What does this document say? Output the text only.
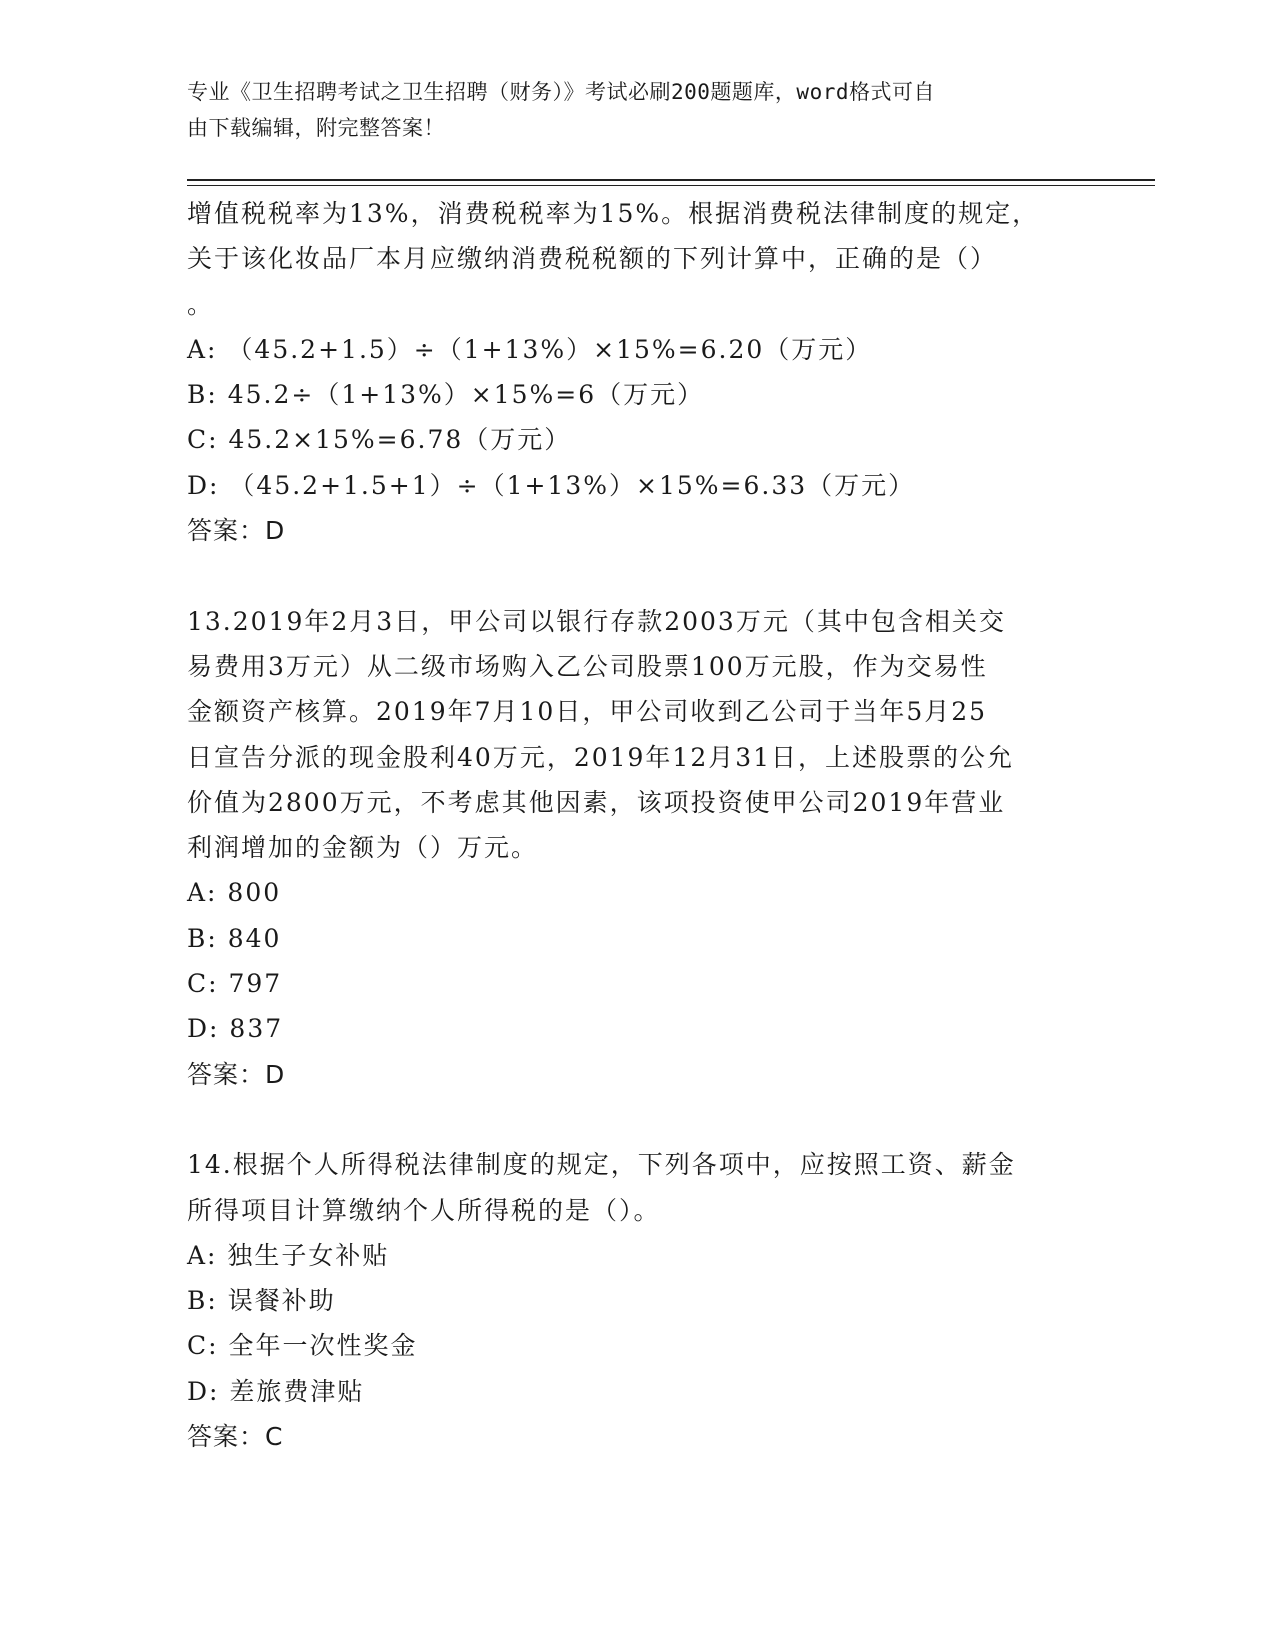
专业《卫生招聘考试之卫生招聘（财务）》考试必刷200题题库，word格式可自
由下载编辑，附完整答案！
增值税税率为13%，消费税税率为15%。根据消费税法律制度的规定，
关于该化妆品厂本月应缴纳消费税税额的下列计算中，正确的是（）
。
A: （45.2+1.5）÷（1+13%）×15%=6.20（万元）
B: 45.2÷（1+13%）×15%=6（万元）
C: 45.2×15%=6.78（万元）
D: （45.2+1.5+1）÷（1+13%）×15%=6.33（万元）
答案：D
13.2019年2月3日，甲公司以银行存款2003万元（其中包含相关交
易费用3万元）从二级市场购入乙公司股票100万元股，作为交易性
金额资产核算。2019年7月10日，甲公司收到乙公司于当年5月25
日宣告分派的现金股利40万元，2019年12月31日，上述股票的公允
价值为2800万元，不考虑其他因素，该项投资使甲公司2019年营业
利润增加的金额为（）万元。
A: 800
B: 840
C: 797
D: 837
答案：D
14.根据个人所得税法律制度的规定，下列各项中，应按照工资、薪金
所得项目计算缴纳个人所得税的是（）。
A: 独生子女补贴
B: 误餐补助
C: 全年一次性奖金
D: 差旅费津贴
答案：C
